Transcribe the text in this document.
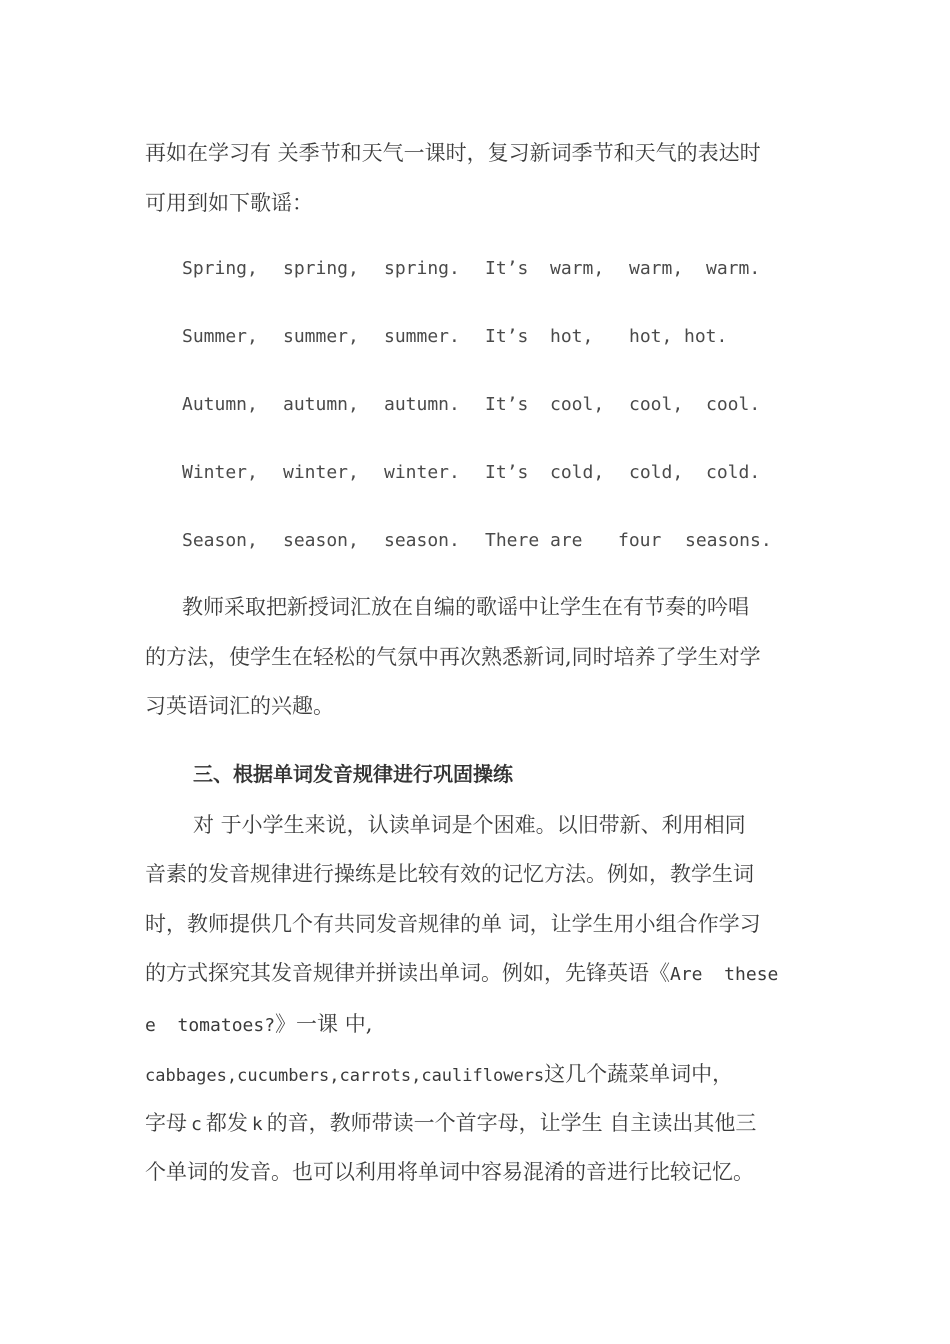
再如在学习有 关季节和天气一课时，复习新词季节和天气的表达时
可用到如下歌谣：
Spring, spring, spring. It’s warm, warm, warm.
Summer, summer, summer. It’s hot, hot, hot.
Autumn, autumn, autumn. It’s cool, cool, cool.
Winter, winter, winter. It’s cold, cold, cold.
Season, season, season. There are four seasons.
教师采取把新授词汇放在自编的歌谣中让学生在有节奏的吟唱
的方法，使学生在轻松的气氛中再次熟悉新词,同时培养了学生对学
习英语词汇的兴趣。
三、根据单词发音规律进行巩固操练
对 于小学生来说，认读单词是个困难。以旧带新、利用相同
音素的发音规律进行操练是比较有效的记忆方法。例如，教学生词
时，教师提供几个有共同发音规律的单 词，让学生用小组合作学习
的方式探究其发音规律并拼读出单词。例如，先锋英语《Are  these
e  tomatoes?》一课 中,
cabbages,cucumbers,carrots,cauliflowers这几个蔬菜单词中，
字母 c 都发 k 的音，教师带读一个首字母，让学生 自主读出其他三
个单词的发音。也可以利用将单词中容易混淆的音进行比较记忆。
